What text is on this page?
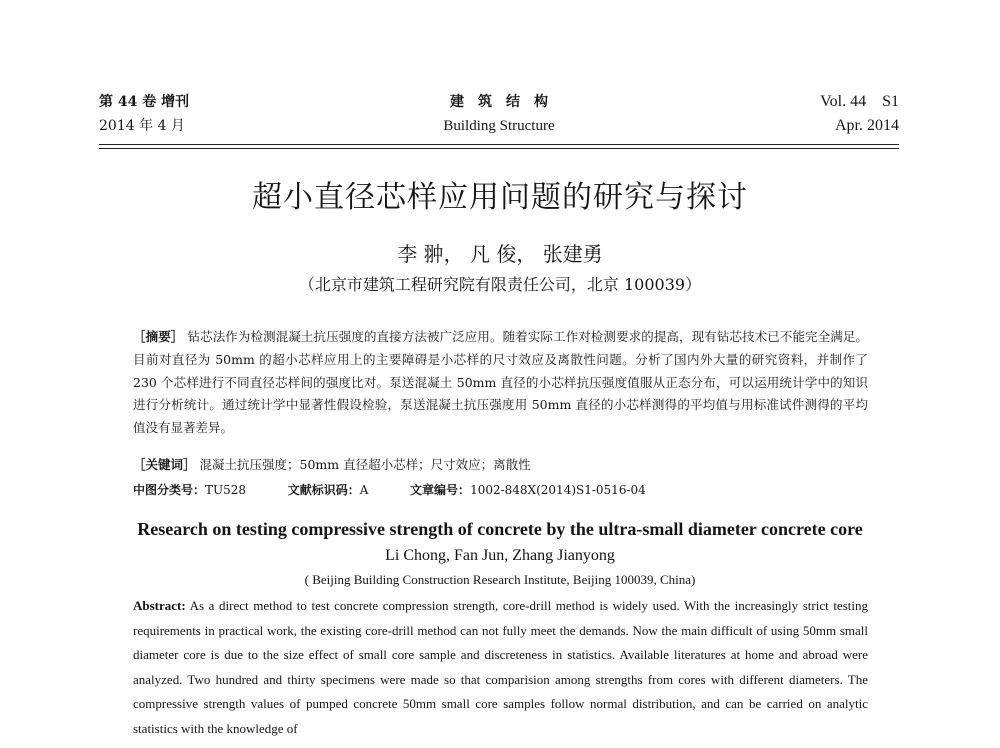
第 44 卷 增刊
2014 年 4 月
建筑结构
Building Structure
Vol. 44    S1
Apr. 2014
超小直径芯样应用问题的研究与探讨
李 翀， 凡 俊， 张建勇
（北京市建筑工程研究院有限责任公司，北京 100039）
［摘要］ 钻芯法作为检测混凝土抗压强度的直接方法被广泛应用。随着实际工作对检测要求的提高，现有钻芯技术已不能完全满足。目前对直径为 50mm 的超小芯样应用上的主要障碍是小芯样的尺寸效应及离散性问题。分析了国内外大量的研究资料，并制作了 230 个芯样进行不同直径芯样间的强度比对。泵送混凝土 50mm 直径的小芯样抗压强度值服从正态分布，可以运用统计学中的知识进行分析统计。通过统计学中显著性假设检验，泵送混凝土抗压强度用 50mm 直径的小芯样测得的平均值与用标准试件测得的平均值没有显著差异。
［关键词］ 混凝土抗压强度；50mm 直径超小芯样；尺寸效应；离散性
中图分类号：TU528	文献标识码：A	文章编号：1002-848X(2014)S1-0516-04
Research on testing compressive strength of concrete by the ultra-small diameter concrete core
Li Chong, Fan Jun, Zhang Jianyong
( Beijing Building Construction Research Institute, Beijing 100039, China)
Abstract: As a direct method to test concrete compression strength, core-drill method is widely used. With the increasingly strict testing requirements in practical work, the existing core-drill method can not fully meet the demands. Now the main difficult of using 50mm small diameter core is due to the size effect of small core sample and discreteness in statistics. Available literatures at home and abroad were analyzed. Two hundred and thirty specimens were made so that comparision among strengths from cores with different diameters. The compressive strength values of pumped concrete 50mm small core samples follow normal distribution, and can be carried on analytic statistics with the knowledge of
